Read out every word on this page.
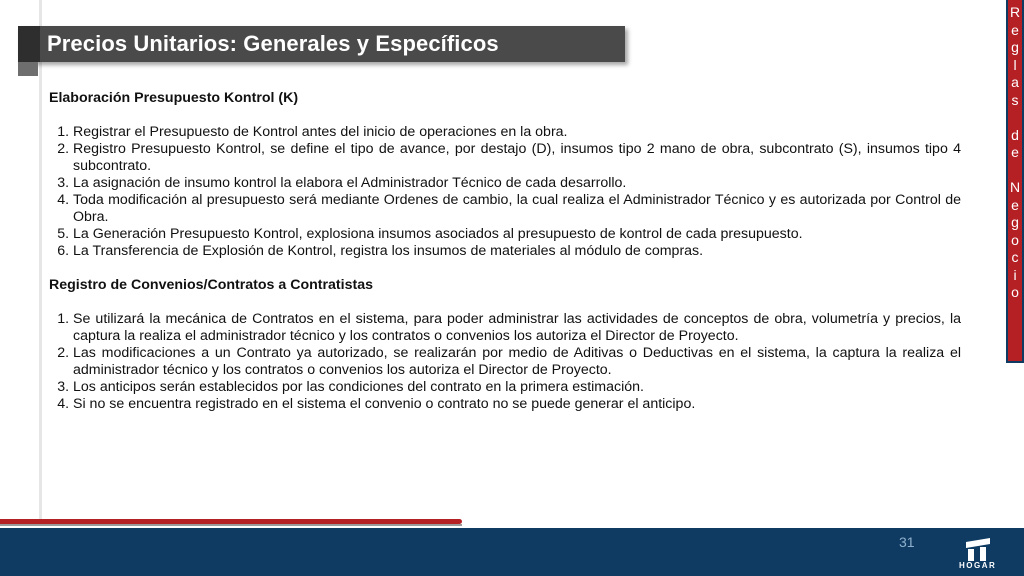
Precios Unitarios: Generales y Específicos
R
e
g
l
a
s
d
e
N
e
g
o
c
i
o

Elaboración Presupuesto Kontrol (K)

1. Registrar el Presupuesto de Kontrol antes del inicio de operaciones en la obra.
2. Registro Presupuesto Kontrol, se define el tipo de avance, por destajo (D), insumos tipo 2 mano de obra, subcontrato (S), insumos tipo 4 subcontrato.
3. La asignación de insumo kontrol la elabora el Administrador Técnico de cada desarrollo.
4. Toda modificación al presupuesto será mediante Ordenes de cambio, la cual realiza el Administrador Técnico y es autorizada por Control de Obra.
5. La Generación Presupuesto Kontrol, explosiona insumos asociados al presupuesto de kontrol de cada presupuesto.
6. La Transferencia de Explosión de Kontrol, registra los insumos de materiales al módulo de compras.

Registro de Convenios/Contratos a Contratistas

1. Se utilizará la mecánica de Contratos en el sistema, para poder administrar las actividades de conceptos de obra, volumetría y precios, la captura la realiza el administrador técnico y los contratos o convenios los autoriza el Director de Proyecto.
2. Las modificaciones a un Contrato ya autorizado, se realizarán por medio de Aditivas o Deductivas en el sistema, la captura la realiza el administrador técnico y los contratos o convenios los autoriza el Director de Proyecto.
3. Los anticipos serán establecidos por las condiciones del contrato en la primera estimación.
4. Si no se encuentra registrado en el sistema el convenio o contrato no se puede generar el anticipo.
31
HOGAR
